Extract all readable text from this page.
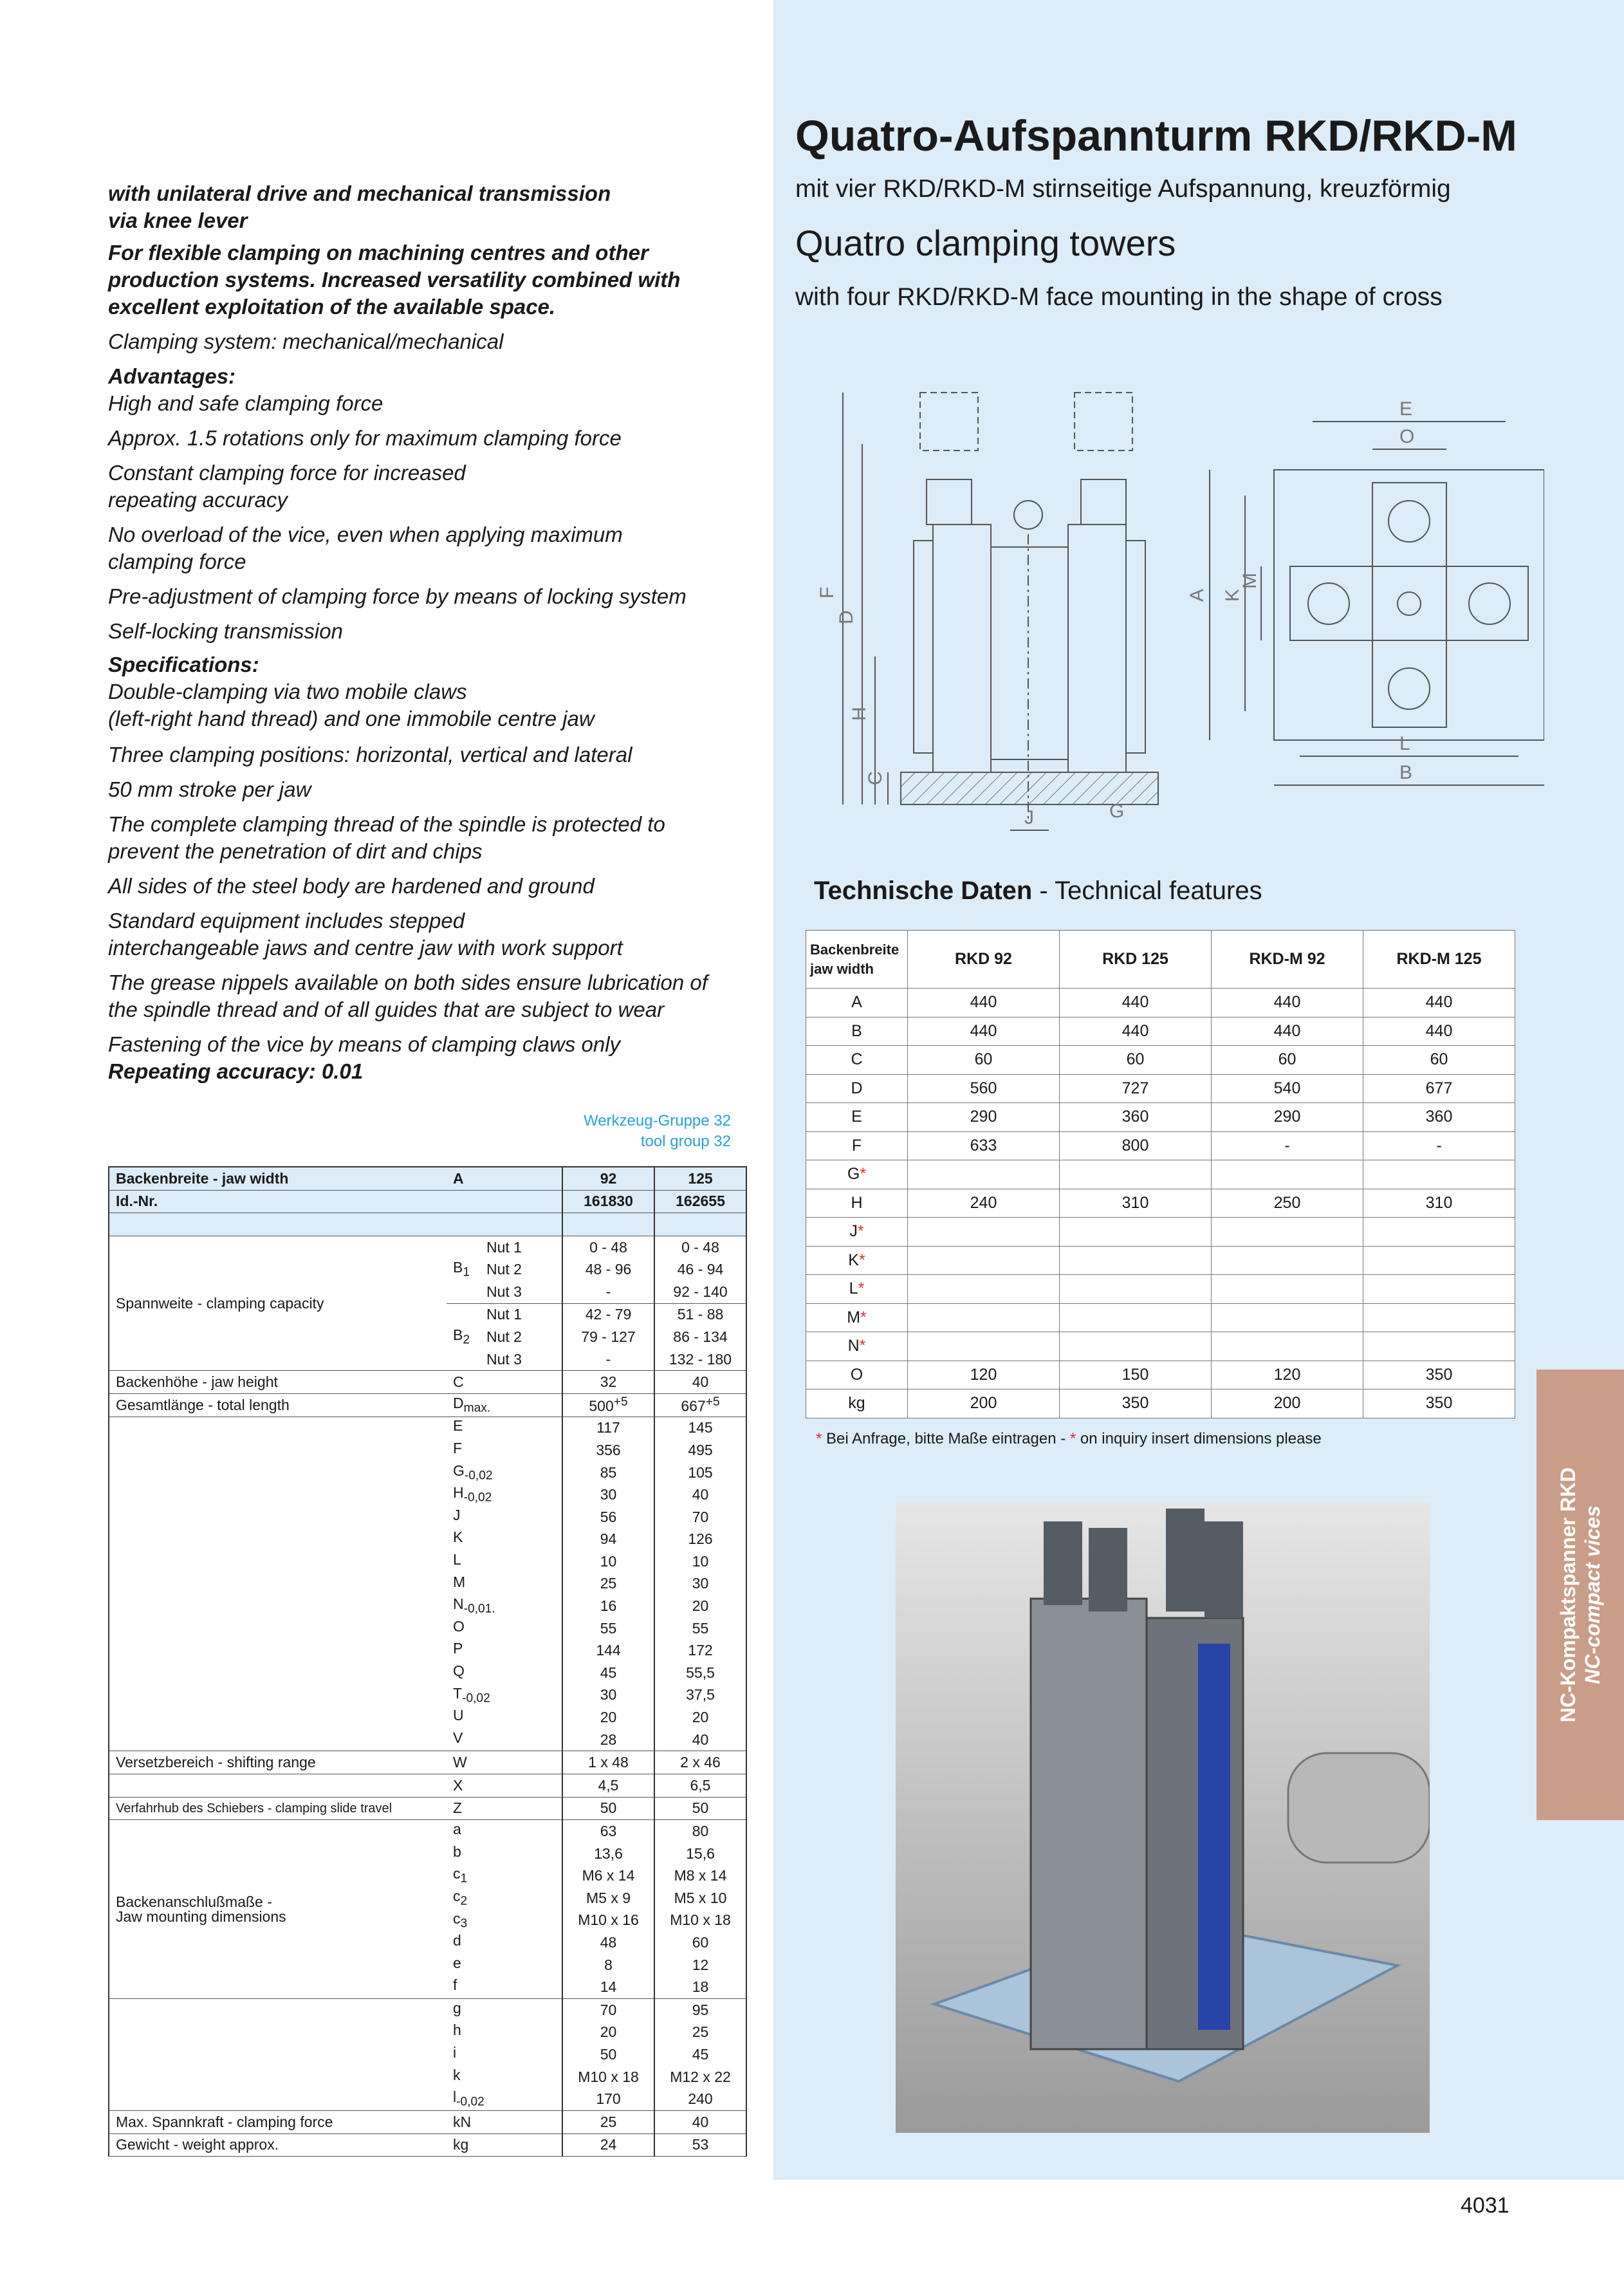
Quatro-Aufspannturm RKD/RKD-M
mit vier RKD/RKD-M stirnseitige Aufspannung, kreuzförmig
Quatro clamping towers
with four RKD/RKD-M face mounting in the shape of cross
with unilateral drive and mechanical transmission
via knee lever
For flexible clamping on machining centres and other
production systems. Increased versatility combined with
excellent exploitation of the available space.
Clamping system: mechanical/mechanical
Advantages:
High and safe clamping force
Approx. 1.5 rotations only for maximum clamping force
Constant clamping force for increased
repeating accuracy
No overload of the vice, even when applying maximum
clamping force
Pre-adjustment of clamping force by means of locking system
Self-locking transmission
Specifications:
Double-clamping via two mobile claws
(left-right hand thread) and one immobile centre jaw
Three clamping positions: horizontal, vertical and lateral
50 mm stroke per jaw
The complete clamping thread of the spindle is protected to
prevent the penetration of dirt and chips
All sides of the steel body are hardened and ground
Standard equipment includes stepped
interchangeable jaws and centre jaw with work support
The grease nippels available on both sides ensure lubrication of
the spindle thread and of all guides that are subject to wear
Fastening of the vice by means of clamping claws only
Repeating accuracy: 0.01
Werkzeug-Gruppe 32
tool group 32
Backenbreite - jaw width	A		92	125
Id.-Nr.			161830	162655

Spannweite - clamping capacity	$B_1$	Nut 1	0 - 48	0 - 48
		Nut 2	48 - 96	46 - 94
		Nut 3	-	92 - 140
	$B_2$	Nut 1	42 - 79	51 - 88
		Nut 2	79 - 127	86 - 134
		Nut 3	-	132 - 180
Backenhöhe - jaw height	C		32	40
Gesamtlänge - total length	$D_{max.}$		$500^{+5}$	$667^{+5}$
	E		117	145
	F		356	495
	$G_{-0,02}$		85	105
	$H_{-0,02}$		30	40
	J		56	70
	K		94	126
	L		10	10
	M		25	30
	$N_{-0,01.}$		16	20
	O		55	55
	P		144	172
	Q		45	55,5
	$T_{-0,02}$		30	37,5
	U		20	20
	V		28	40
Versetzbereich - shifting range	W		1 x 48	2 x 46
	X		4,5	6,5
Verfahrhub des Schiebers - clamping slide travel	Z		50	50

Backenanschlußmaße -
Jaw mounting dimensions	a		63	80
	b		13,6	15,6
	$c_1$		M6 x 14	M8 x 14
	$c_2$		M5 x 9	M5 x 10
	$c_3$		M10 x 16	M10 x 18
	d		48	60
	e		8	12
	f		14	18
	g		70	95
	h		20	25
	i		50	45
	k		M10 x 18	M12 x 22
	$l_{-0,02}$		170	240
Max. Spannkraft - clamping force	kN		25	40
Gewicht - weight approx.	kg		24	53
F
D
H
C
J	G
E
O
L
B
A K
M
Technische Daten - Technical features
Backenbreite
jaw width	RKD 92	RKD 125	RKD-M 92	RKD-M 125
A	440	440	440	440
B	440	440	440	440
C	60	60	60	60
D	560	727	540	677
E	290	360	290	360
F	633	800	-	-
G*				
H	240	310	250	310
J*				
K*				
L*				
M*				
N*				
O	120	150	120	350
kg	200	350	200	350
* Bei Anfrage, bitte Maße eintragen - * on inquiry insert dimensions please
NC-Kompaktspanner RKD NC-compact vices
4031
